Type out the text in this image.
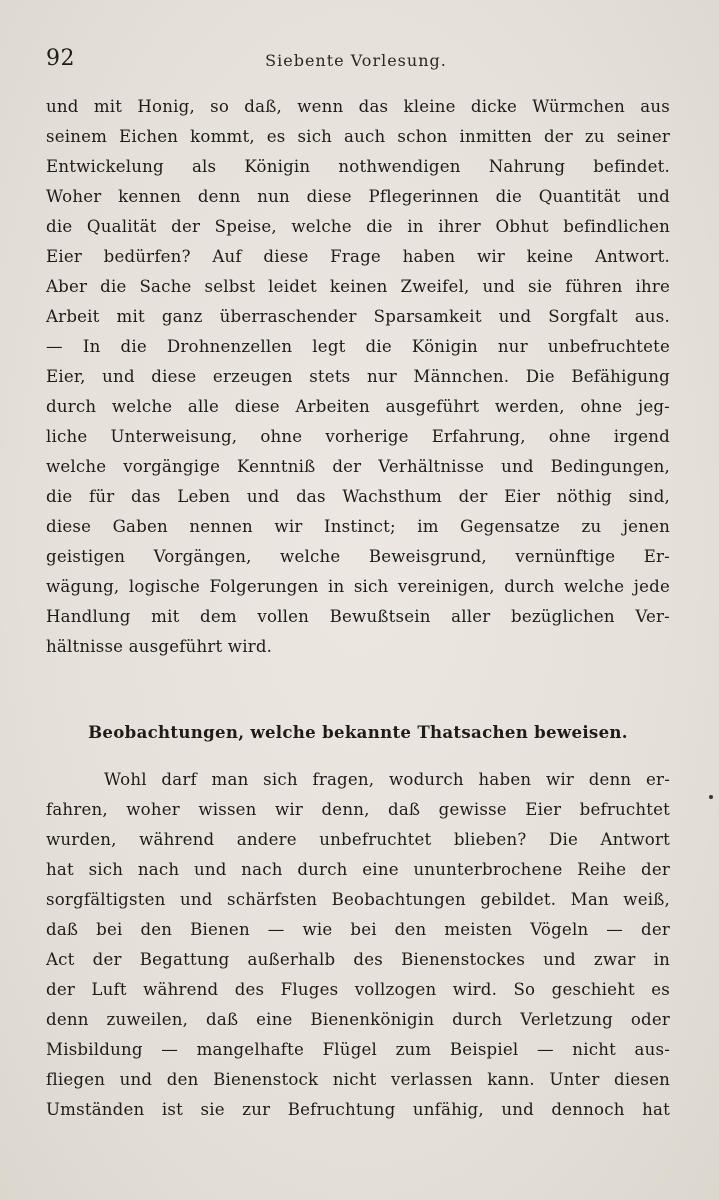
92	Siebente Vorlesung.
und mit Honig, so daß, wenn das kleine dicke Würmchen aus
seinem Eichen kommt, es sich auch schon inmitten der zu seiner
Entwickelung als Königin nothwendigen Nahrung befindet.
Woher kennen denn nun diese Pflegerinnen die Quantität und
die Qualität der Speise, welche die in ihrer Obhut befindlichen
Eier bedürfen? Auf diese Frage haben wir keine Antwort.
Aber die Sache selbst leidet keinen Zweifel, und sie führen ihre
Arbeit mit ganz überraschender Sparsamkeit und Sorgfalt aus.
— In die Drohnenzellen legt die Königin nur unbefruchtete
Eier, und diese erzeugen stets nur Männchen. Die Befähigung
durch welche alle diese Arbeiten ausgeführt werden, ohne jeg-
liche Unterweisung, ohne vorherige Erfahrung, ohne irgend
welche vorgängige Kenntniß der Verhältnisse und Bedingungen,
die für das Leben und das Wachsthum der Eier nöthig sind,
diese Gaben nennen wir Instinct; im Gegensatze zu jenen
geistigen Vorgängen, welche Beweisgrund, vernünftige Er-
wägung, logische Folgerungen in sich vereinigen, durch welche jede
Handlung mit dem vollen Bewußtsein aller bezüglichen Ver-
hältnisse ausgeführt wird.
Beobachtungen, welche bekannte Thatsachen beweisen.
Wohl darf man sich fragen, wodurch haben wir denn er-
fahren, woher wissen wir denn, daß gewisse Eier befruchtet
wurden, während andere unbefruchtet blieben? Die Antwort
hat sich nach und nach durch eine ununterbrochene Reihe der
sorgfältigsten und schärfsten Beobachtungen gebildet. Man weiß,
daß bei den Bienen — wie bei den meisten Vögeln — der
Act der Begattung außerhalb des Bienenstockes und zwar in
der Luft während des Fluges vollzogen wird. So geschieht es
denn zuweilen, daß eine Bienenkönigin durch Verletzung oder
Misbildung — mangelhafte Flügel zum Beispiel — nicht aus-
fliegen und den Bienenstock nicht verlassen kann. Unter diesen
Umständen ist sie zur Befruchtung unfähig, und dennoch hat
